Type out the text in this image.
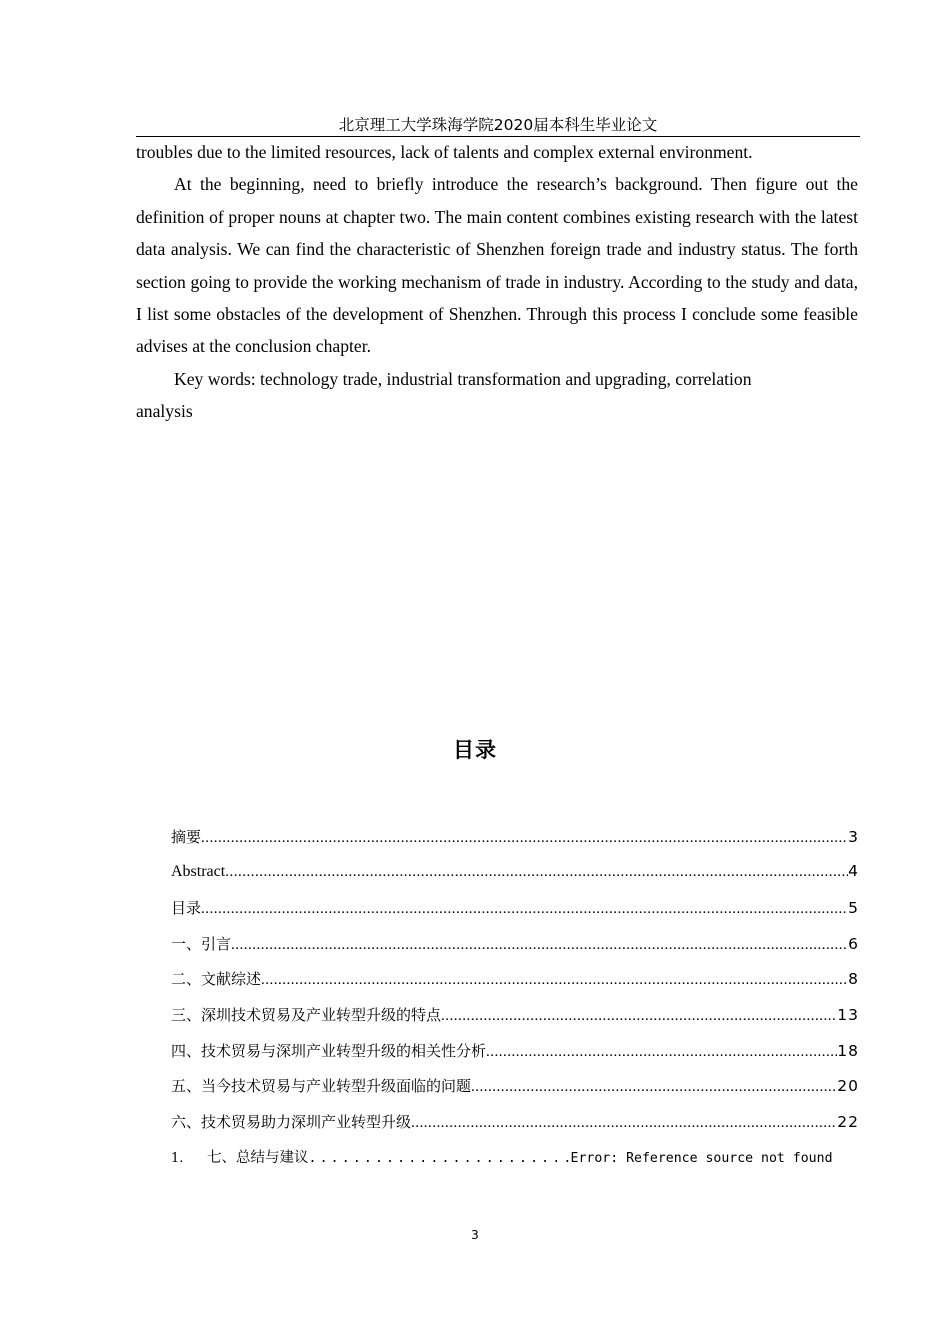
北京理工大学珠海学院2020届本科生毕业论文

troubles due to the limited resources, lack of talents and complex external environment.

At the beginning, need to briefly introduce the research’s background. Then figure out the definition of proper nouns at chapter two. The main content combines existing research with the latest data analysis. We can find the characteristic of Shenzhen foreign trade and industry status. The forth section going to provide the working mechanism of trade in industry. According to the study and data, I list some obstacles of the development of Shenzhen. Through this process I conclude some feasible advises at the conclusion chapter.

Key words: technology trade, industrial transformation and upgrading, correlation
analysis
目录
摘要 .....	3
Abstract .....	4
目录 .....	5
一、引言 .....	6
二、文献综述 .....	8
三、深圳技术贸易及产业转型升级的特点 .....	13
四、技术贸易与深圳产业转型升级的相关性分析 .....	18
五、当今技术贸易与产业转型升级面临的问题 .....	20
六、技术贸易助力深圳产业转型升级 .....	22
1.	七、总结与建议 . . .	Error: Reference source not found
3
